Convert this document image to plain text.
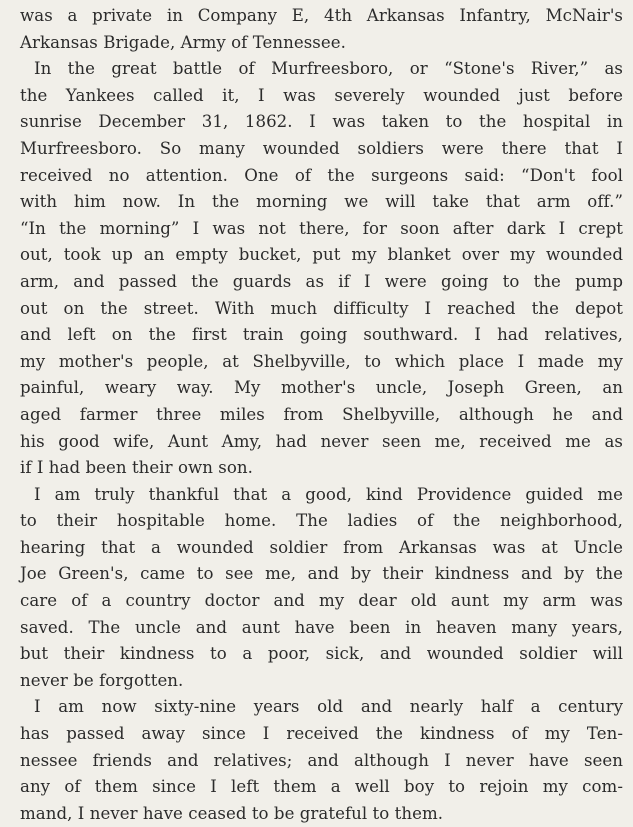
was a private in Company E, 4th Arkansas Infantry, McNair's
Arkansas Brigade, Army of Tennessee.
In the great battle of Murfreesboro, or “Stone's River,” as
the Yankees called it, I was severely wounded just before
sunrise December 31, 1862. I was taken to the hospital in
Murfreesboro. So many wounded soldiers were there that I
received no attention. One of the surgeons said: “Don't fool
with him now. In the morning we will take that arm off.”
“In the morning” I was not there, for soon after dark I crept
out, took up an empty bucket, put my blanket over my wounded
arm, and passed the guards as if I were going to the pump
out on the street. With much difficulty I reached the depot
and left on the first train going southward. I had relatives,
my mother's people, at Shelbyville, to which place I made my
painful, weary way. My mother's uncle, Joseph Green, an
aged farmer three miles from Shelbyville, although he and
his good wife, Aunt Amy, had never seen me, received me as
if I had been their own son.
I am truly thankful that a good, kind Providence guided me
to their hospitable home. The ladies of the neighborhood,
hearing that a wounded soldier from Arkansas was at Uncle
Joe Green's, came to see me, and by their kindness and by the
care of a country doctor and my dear old aunt my arm was
saved. The uncle and aunt have been in heaven many years,
but their kindness to a poor, sick, and wounded soldier will
never be forgotten.
I am now sixty-nine years old and nearly half a century
has passed away since I received the kindness of my Ten-
nessee friends and relatives; and although I never have seen
any of them since I left them a well boy to rejoin my com-
mand, I never have ceased to be grateful to them.
